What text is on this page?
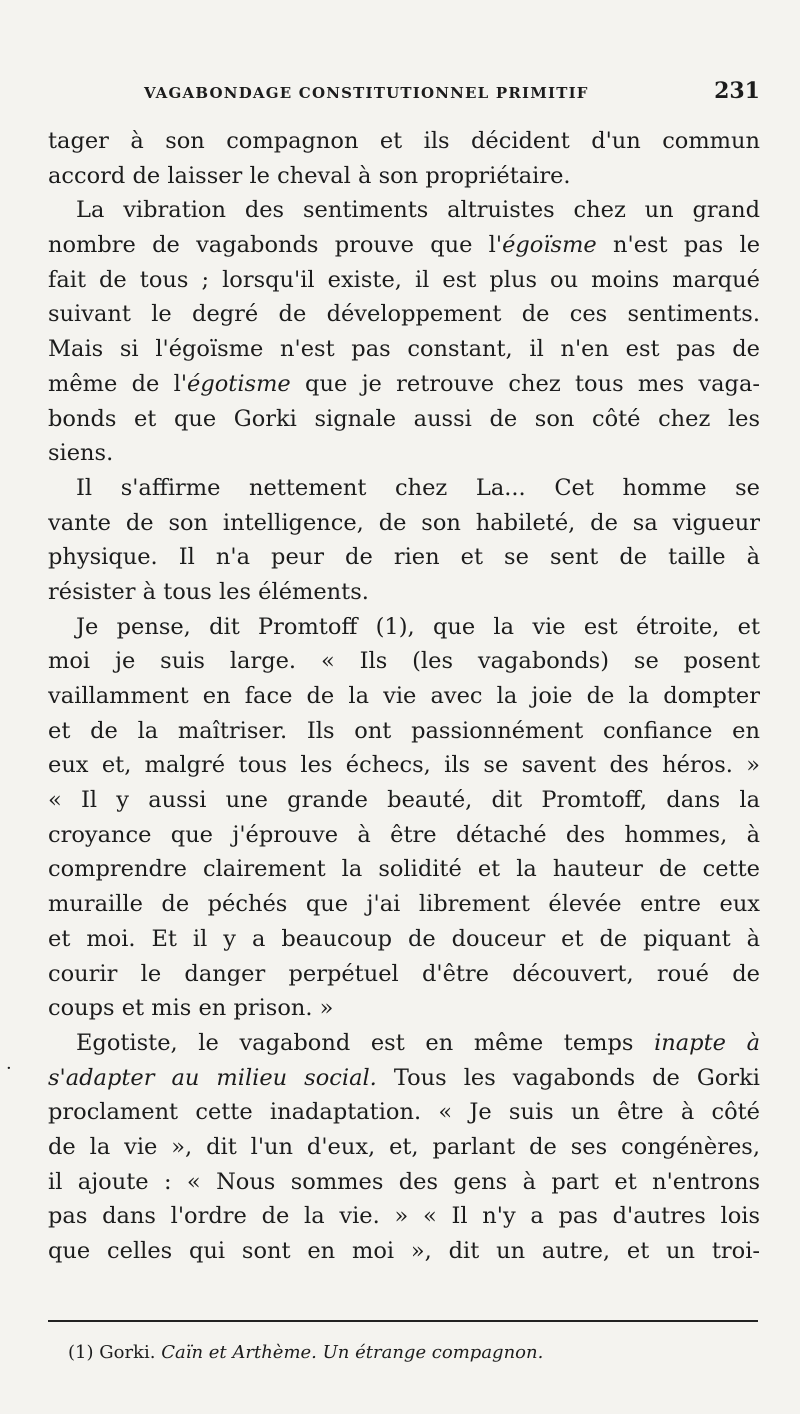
VAGABONDAGE CONSTITUTIONNEL PRIMITIF	231
tager à son compagnon et ils décident d'un commun
accord de laisser le cheval à son propriétaire.
La vibration des sentiments altruistes chez un grand
nombre de vagabonds prouve que l'égoïsme n'est pas le
fait de tous ; lorsqu'il existe, il est plus ou moins marqué
suivant le degré de développement de ces sentiments.
Mais si l'égoïsme n'est pas constant, il n'en est pas de
même de l'égotisme que je retrouve chez tous mes vaga-
bonds et que Gorki signale aussi de son côté chez les
siens.
Il s'affirme nettement chez La... Cet homme se
vante de son intelligence, de son habileté, de sa vigueur
physique. Il n'a peur de rien et se sent de taille à
résister à tous les éléments.
Je pense, dit Promtoff (1), que la vie est étroite, et
moi je suis large. « Ils (les vagabonds) se posent
vaillamment en face de la vie avec la joie de la dompter
et de la maîtriser. Ils ont passionnément confiance en
eux et, malgré tous les échecs, ils se savent des héros. »
« Il y aussi une grande beauté, dit Promtoff, dans la
croyance que j'éprouve à être détaché des hommes, à
comprendre clairement la solidité et la hauteur de cette
muraille de péchés que j'ai librement élevée entre eux
et moi. Et il y a beaucoup de douceur et de piquant à
courir le danger perpétuel d'être découvert, roué de
coups et mis en prison. »
Egotiste, le vagabond est en même temps inapte à
s'adapter au milieu social. Tous les vagabonds de Gorki
proclament cette inadaptation. « Je suis un être à côté
de la vie », dit l'un d'eux, et, parlant de ses congénères,
il ajoute : « Nous sommes des gens à part et n'entrons
pas dans l'ordre de la vie. » « Il n'y a pas d'autres lois
que celles qui sont en moi », dit un autre, et un troi-
(1) Gorki. Caïn et Arthème. Un étrange compagnon.
·
